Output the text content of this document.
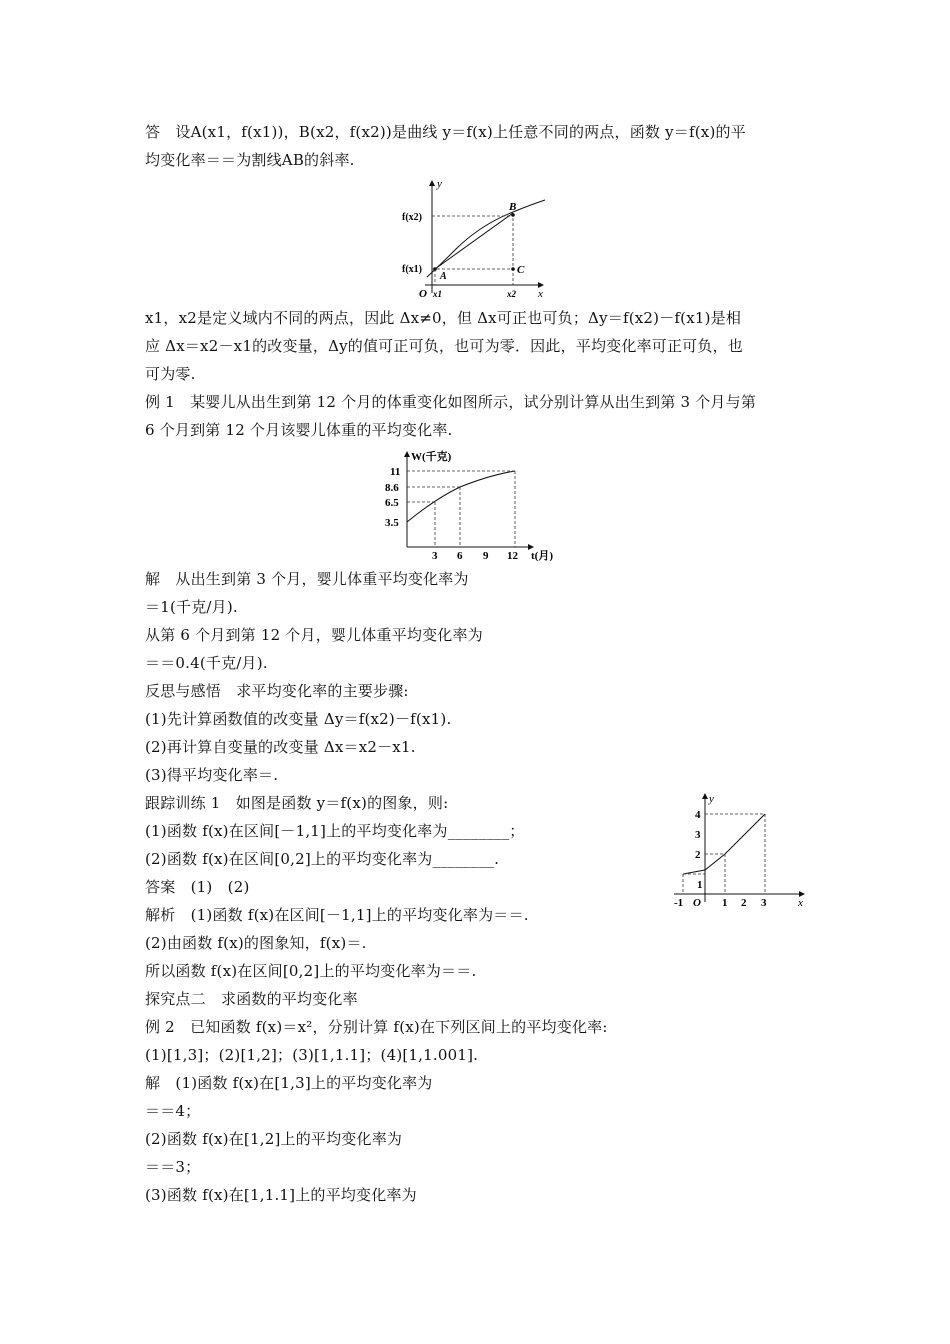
答　设A(x1，f(x1))，B(x2，f(x2))是曲线 y＝f(x)上任意不同的两点，函数 y＝f(x)的平
均变化率＝＝为割线AB的斜率.
y
f(x2)
f(x1)
B
A
C
O x1	x2 x
x1，x2是定义域内不同的两点，因此 Δx≠0，但 Δx可正也可负；Δy＝f(x2)－f(x1)是相
应 Δx＝x2－x1的改变量，Δy的值可正可负，也可为零．因此，平均变化率可正可负，也
可为零.
例 1　某婴儿从出生到第 12 个月的体重变化如图所示，试分别计算从出生到第 3 个月与第
6 个月到第 12 个月该婴儿体重的平均变化率.
W(千克)
11
8.6
6.5
3.5
3 6 9 12 t(月)
解　从出生到第 3 个月，婴儿体重平均变化率为
＝1(千克/月).
从第 6 个月到第 12 个月，婴儿体重平均变化率为
＝＝0.4(千克/月).
反思与感悟　求平均变化率的主要步骤:
(1)先计算函数值的改变量 Δy＝f(x2)－f(x1).
(2)再计算自变量的改变量 Δx＝x2－x1.
(3)得平均变化率＝.
跟踪训练 1　如图是函数 y＝f(x)的图象，则:
(1)函数 f(x)在区间[－1,1]上的平均变化率为________；
(2)函数 f(x)在区间[0,2]上的平均变化率为________.
答案　(1)　(2)
解析　(1)函数 f(x)在区间[－1,1]上的平均变化率为＝＝.
(2)由函数 f(x)的图象知，f(x)＝.
所以函数 f(x)在区间[0,2]上的平均变化率为＝＝.
探究点二　求函数的平均变化率
例 2　已知函数 f(x)＝x²，分别计算 f(x)在下列区间上的平均变化率:
(1)[1,3]；(2)[1,2]；(3)[1,1.1]；(4)[1,1.001].
解　(1)函数 f(x)在[1,3]上的平均变化率为
＝＝4；
(2)函数 f(x)在[1,2]上的平均变化率为
＝＝3；
(3)函数 f(x)在[1,1.1]上的平均变化率为
y
4
3
2
1
-1 O 1 2 3	x
